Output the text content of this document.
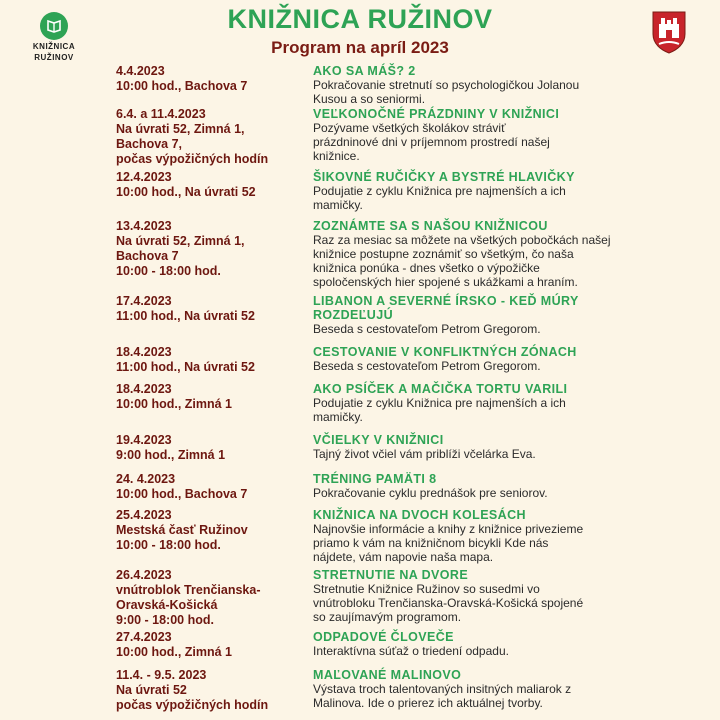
KNIŽNICA
RUŽINOV
KNIŽNICA RUŽINOV
Program na apríl 2023
4.4.2023
10:00 hod., Bachova 7
AKO SA MÁŠ? 2
Pokračovanie stretnutí so psychologičkou Jolanou Kusou a so seniormi.
6.4. a 11.4.2023
Na úvrati 52, Zimná 1,
Bachova 7,
počas výpožičných hodín
VEĽKONOČNÉ PRÁZDNINY V KNIŽNICI
Pozývame všetkých školákov stráviť prázdninové dni v príjemnom prostredí našej knižnice.
12.4.2023
10:00 hod., Na úvrati 52
ŠIKOVNÉ RUČIČKY A BYSTRÉ HLAVIČKY
Podujatie z cyklu Knižnica pre najmenších a ich mamičky.
13.4.2023
Na úvrati 52, Zimná 1,
Bachova 7
10:00 - 18:00 hod.
ZOZNÁMTE SA S NAŠOU KNIŽNICOU
Raz za mesiac sa môžete na všetkých pobočkách našej knižnice postupne zoznámiť so všetkým, čo naša knižnica ponúka - dnes všetko o výpožičke spoločenských hier spojené s ukážkami a hraním.
17.4.2023
11:00 hod., Na úvrati 52
LIBANON A SEVERNÉ ÍRSKO - KEĎ MÚRY ROZDEĽUJÚ
Beseda s cestovateľom Petrom Gregorom.
18.4.2023
11:00 hod., Na úvrati 52
CESTOVANIE V KONFLIKTNÝCH ZÓNACH
Beseda s cestovateľom Petrom Gregorom.
18.4.2023
10:00 hod., Zimná 1
AKO PSÍČEK A MAČIČKA TORTU VARILI
Podujatie z cyklu Knižnica pre najmenších a ich mamičky.
19.4.2023
9:00 hod., Zimná 1
VČIELKY V KNIŽNICI
Tajný život včiel vám priblíži včelárka Eva.
24. 4.2023
10:00 hod., Bachova 7
TRÉNING PAMÄTI 8
Pokračovanie cyklu prednášok pre seniorov.
25.4.2023
Mestská časť Ružinov
10:00 - 18:00 hod.
KNIŽNICA NA DVOCH KOLESÁCH
Najnovšie informácie a knihy z knižnice privezieme priamo k vám na knižničnom bicykli Kde nás nájdete, vám napovie naša mapa.
26.4.2023
vnútroblok Trenčianska-
Oravská-Košická
9:00 - 18:00 hod.
STRETNUTIE NA DVORE
Stretnutie Knižnice Ružinov so susedmi vo vnútrobloku Trenčianska-Oravská-Košická spojené so zaujímavým programom.
27.4.2023
10:00 hod., Zimná 1
ODPADOVÉ ČLOVEČE
Interaktívna súťaž o triedení odpadu.
11.4. - 9.5. 2023
Na úvrati 52
počas výpožičných hodín
MAĽOVANÉ MALINOVO
Výstava troch talentovaných insitných maliarok z Malinova. Ide o prierez ich aktuálnej tvorby.
